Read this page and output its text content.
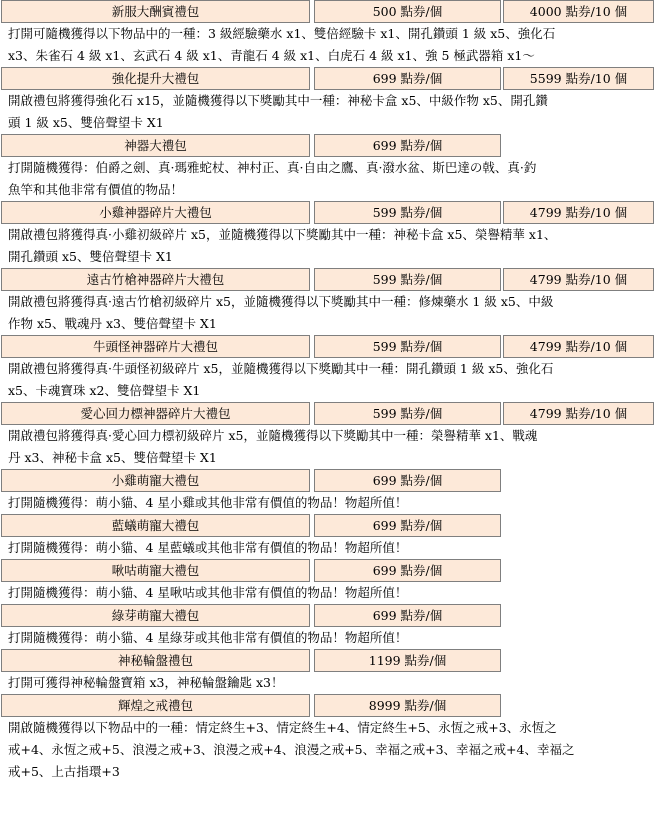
新服大酬賓禮包	500 點券/個	4000 點券/10 個
打開可隨機獲得以下物品中的一種：3 級經驗藥水 x1、雙倍經驗卡 x1、開孔鑽頭 1 級 x5、強化石
x3、朱雀石 4 級 x1、玄武石 4 級 x1、青龍石 4 級 x1、白虎石 4 級 x1、強 5 極武器箱 x1～
強化提升大禮包	699 點券/個	5599 點券/10 個
開啟禮包將獲得強化石 x15，並隨機獲得以下獎勵其中一種：神秘卡盒 x5、中級作物 x5、開孔鑽
頭 1 級 x5、雙倍聲望卡 X1
神器大禮包	699 點券/個
打開隨機獲得：伯爵之劍、真·瑪雅蛇杖、神村正、真·自由之鷹、真·潑水盆、斯巴達の戟、真·釣
魚竿和其他非常有價值的物品！
小雞神器碎片大禮包	599 點券/個	4799 點券/10 個
開啟禮包將獲得真·小雞初級碎片 x5，並隨機獲得以下獎勵其中一種：神秘卡盒 x5、榮譽精華 x1、
開孔鑽頭 x5、雙倍聲望卡 X1
遠古竹槍神器碎片大禮包	599 點券/個	4799 點券/10 個
開啟禮包將獲得真·遠古竹槍初級碎片 x5，並隨機獲得以下獎勵其中一種：修煉藥水 1 級 x5、中級
作物 x5、戰魂丹 x3、雙倍聲望卡 X1
牛頭怪神器碎片大禮包	599 點券/個	4799 點券/10 個
開啟禮包將獲得真·牛頭怪初級碎片 x5，並隨機獲得以下獎勵其中一種：開孔鑽頭 1 級 x5、強化石
x5、卡魂寶珠 x2、雙倍聲望卡 X1
愛心回力標神器碎片大禮包	599 點券/個	4799 點券/10 個
開啟禮包將獲得真·愛心回力標初級碎片 x5，並隨機獲得以下獎勵其中一種：榮譽精華 x1、戰魂
丹 x3、神秘卡盒 x5、雙倍聲望卡 X1
小雞萌寵大禮包	699 點券/個
打開隨機獲得：萌小貓、4 星小雞或其他非常有價值的物品！物超所值！
藍蟻萌寵大禮包	699 點券/個
打開隨機獲得：萌小貓、4 星藍蟻或其他非常有價值的物品！物超所值！
啾咕萌寵大禮包	699 點券/個
打開隨機獲得：萌小貓、4 星啾咕或其他非常有價值的物品！物超所值！
綠芽萌寵大禮包	699 點券/個
打開隨機獲得：萌小貓、4 星綠芽或其他非常有價值的物品！物超所值！
神秘輪盤禮包	1199 點券/個
打開可獲得神秘輪盤寶箱 x3，神秘輪盤鑰匙 x3！
輝煌之戒禮包	8999 點券/個
開啟隨機獲得以下物品中的一種：情定終生+3、情定終生+4、情定終生+5、永恆之戒+3、永恆之
戒+4、永恆之戒+5、浪漫之戒+3、浪漫之戒+4、浪漫之戒+5、幸福之戒+3、幸福之戒+4、幸福之
戒+5、上古指環+3
